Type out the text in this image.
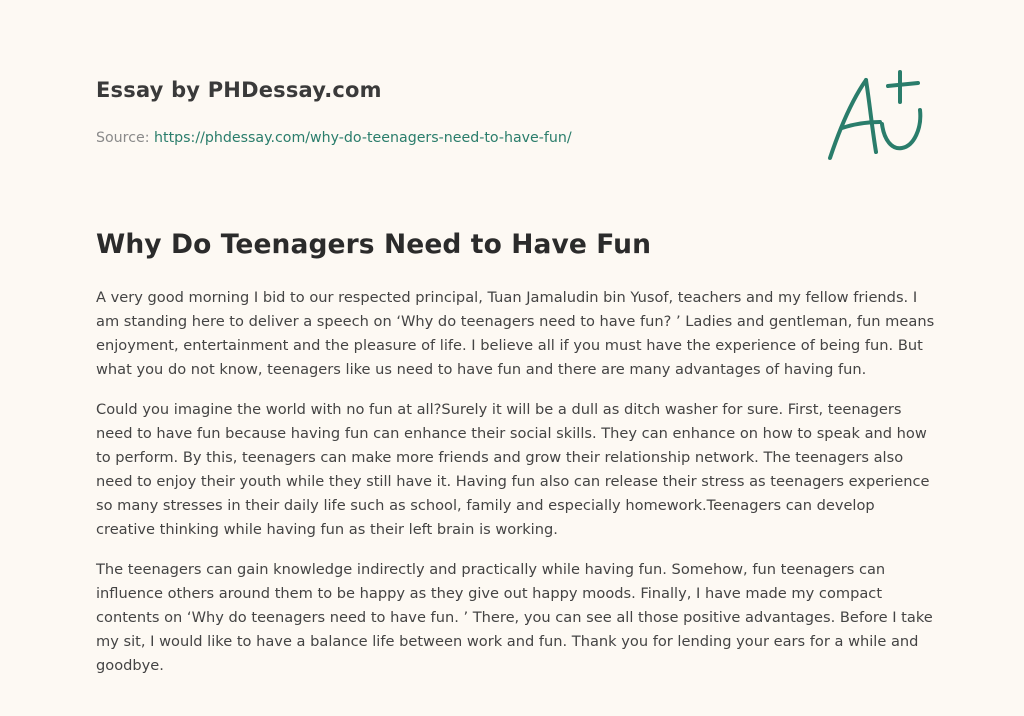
Essay by PHDessay.com
Source: https://phdessay.com/why-do-teenagers-need-to-have-fun/
Why Do Teenagers Need to Have Fun

A very good morning I bid to our respected principal, Tuan Jamaludin bin Yusof, teachers and my fellow friends. I am standing here to deliver a speech on ‘Why do teenagers need to have fun? ’ Ladies and gentleman, fun means enjoyment, entertainment and the pleasure of life. I believe all if you must have the experience of being fun. But what you do not know, teenagers like us need to have fun and there are many advantages of having fun.

Could you imagine the world with no fun at all?Surely it will be a dull as ditch washer for sure. First, teenagers need to have fun because having fun can enhance their social skills. They can enhance on how to speak and how to perform. By this, teenagers can make more friends and grow their relationship network. The teenagers also need to enjoy their youth while they still have it. Having fun also can release their stress as teenagers experience so many stresses in their daily life such as school, family and especially homework.Teenagers can develop creative thinking while having fun as their left brain is working.

The teenagers can gain knowledge indirectly and practically while having fun. Somehow, fun teenagers can influence others around them to be happy as they give out happy moods. Finally, I have made my compact contents on ‘Why do teenagers need to have fun. ’ There, you can see all those positive advantages. Before I take my sit, I would like to have a balance life between work and fun. Thank you for lending your ears for a while and goodbye.
